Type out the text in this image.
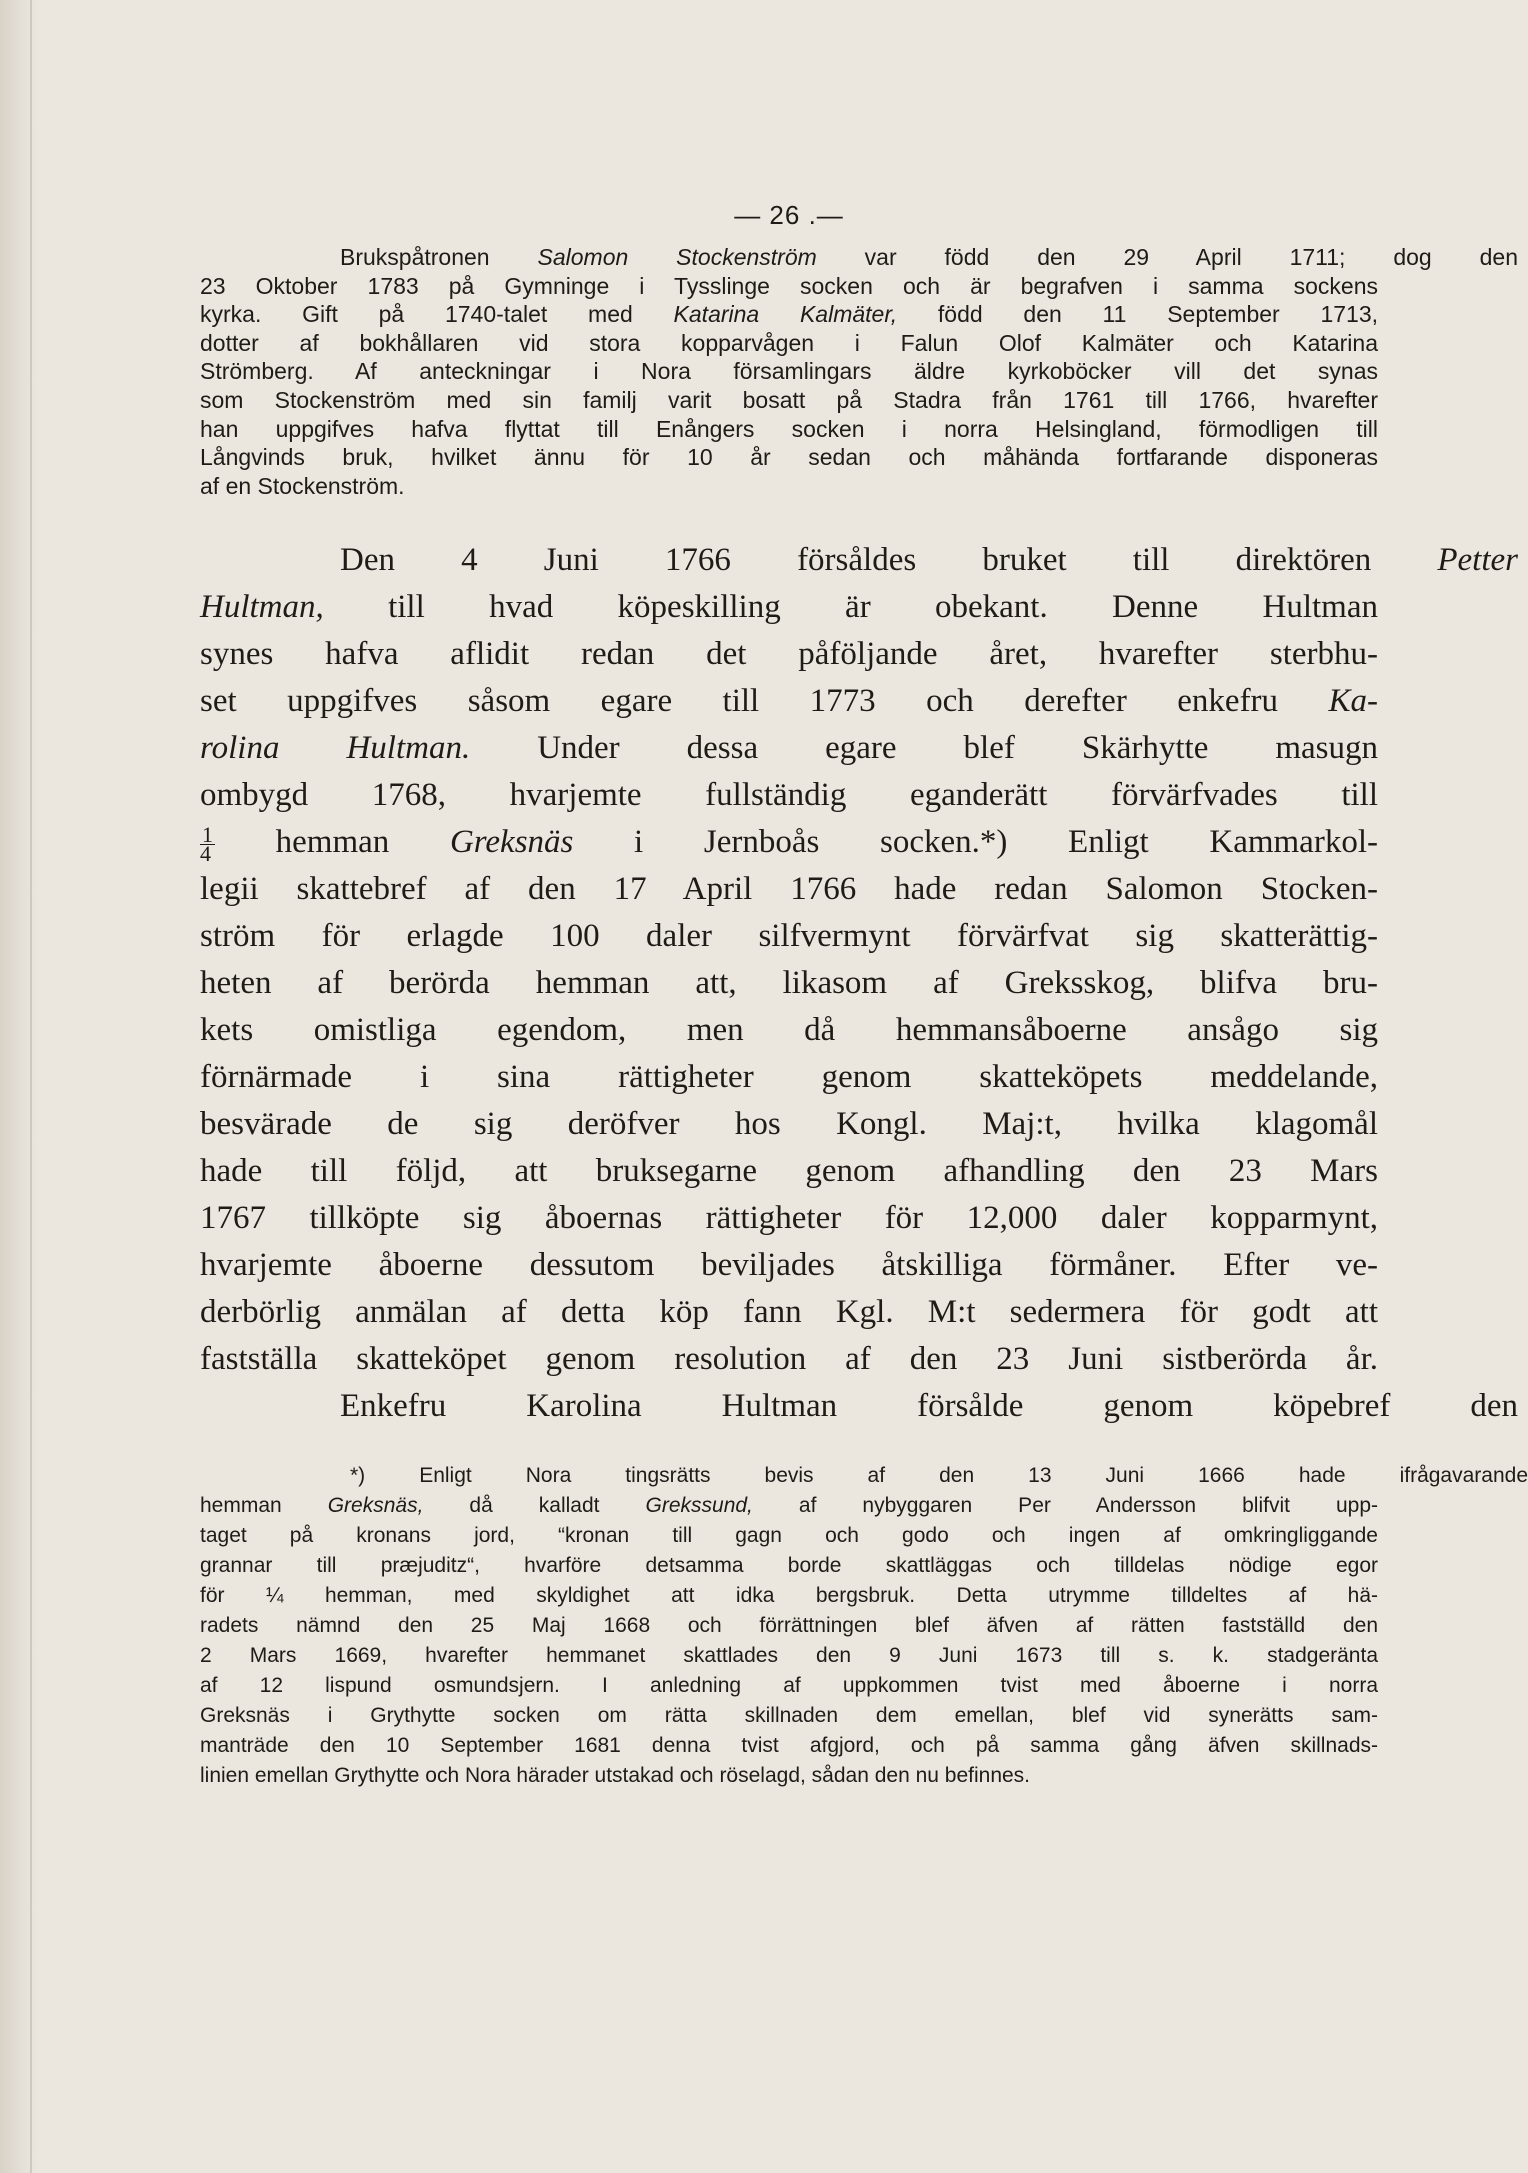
— 26 .—
Brukspåtronen Salomon Stockenström var född den 29 April 1711; dog den
23 Oktober 1783 på Gymninge i Tysslinge socken och är begrafven i samma sockens
kyrka. Gift på 1740-talet med Katarina Kalmäter, född den 11 September 1713,
dotter af bokhållaren vid stora kopparvågen i Falun Olof Kalmäter och Katarina
Strömberg. Af anteckningar i Nora församlingars äldre kyrkoböcker vill det synas
som Stockenström med sin familj varit bosatt på Stadra från 1761 till 1766, hvarefter
han uppgifves hafva flyttat till Enångers socken i norra Helsingland, förmodligen till
Långvinds bruk, hvilket ännu för 10 år sedan och måhända fortfarande disponeras
af en Stockenström.
Den 4 Juni 1766 försåldes bruket till direktören Petter
Hultman, till hvad köpeskilling är obekant. Denne Hultman
synes hafva aflidit redan det påföljande året, hvarefter sterbhu-
set uppgifves såsom egare till 1773 och derefter enkefru Ka-
rolina Hultman. Under dessa egare blef Skärhytte masugn
ombygd 1768, hvarjemte fullständig eganderätt förvärfvades till
$\frac{1}{4}$ hemman Greksnäs i Jernboås socken.*) Enligt Kammarkol-
legii skattebref af den 17 April 1766 hade redan Salomon Stocken-
ström för erlagde 100 daler silfvermynt förvärfvat sig skatterättig-
heten af berörda hemman att, likasom af Greksskog, blifva bru-
kets omistliga egendom, men då hemmansåboerne ansågo sig
förnärmade i sina rättigheter genom skatteköpets meddelande,
besvärade de sig deröfver hos Kongl. Maj:t, hvilka klagomål
hade till följd, att bruksegarne genom afhandling den 23 Mars
1767 tillköpte sig åboernas rättigheter för 12,000 daler kopparmynt,
hvarjemte åboerne dessutom beviljades åtskilliga förmåner. Efter ve-
derbörlig anmälan af detta köp fann Kgl. M:t sedermera för godt att
fastställa skatteköpet genom resolution af den 23 Juni sistberörda år.
Enkefru Karolina Hultman försålde genom köpebref den
*) Enligt Nora tingsrätts bevis af den 13 Juni 1666 hade ifrågavarande
hemman Greksnäs, då kalladt Grekssund, af nybyggaren Per Andersson blifvit upp-
taget på kronans jord, “kronan till gagn och godo och ingen af omkringliggande
grannar till præjuditz“, hvarföre detsamma borde skattläggas och tilldelas nödige egor
för ¼ hemman, med skyldighet att idka bergsbruk. Detta utrymme tilldeltes af hä-
radets nämnd den 25 Maj 1668 och förrättningen blef äfven af rätten fastställd den
2 Mars 1669, hvarefter hemmanet skattlades den 9 Juni 1673 till s. k. stadgeränta
af 12 lispund osmundsjern. I anledning af uppkommen tvist med åboerne i norra
Greksnäs i Grythytte socken om rätta skillnaden dem emellan, blef vid synerätts sam-
manträde den 10 September 1681 denna tvist afgjord, och på samma gång äfven skillnads-
linien emellan Grythytte och Nora härader utstakad och röselagd, sådan den nu befinnes.
